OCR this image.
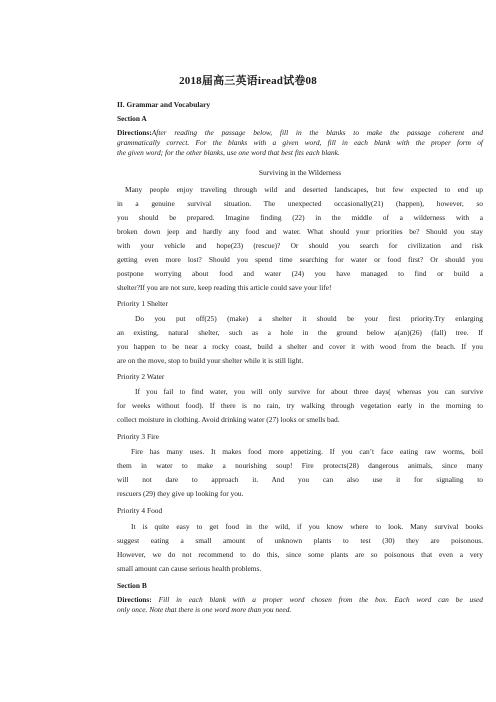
2018届高三英语iread试卷08
II. Grammar and Vocabulary
Section A
Directions:After reading the passage below, fill in the blanks to make the passage coherent and
grammatically correct. For the blanks with a given word, fill in each blank with the proper form of
the given word; for the other blanks, use one word that best fits each blank.
Surviving in the Wilderness
Many people enjoy traveling through wild and deserted landscapes, but few expected to end up
in a genuine survival situation. The unexpected occasionally(21) (happen), however, so
you should be prepared. Imagine finding (22) in the middle of a wilderness with a
broken down jeep and hardly any food and water. What should your priorities be? Should you stay
with your vehicle and hope(23) (rescue)? Or should you search for civilization and risk
getting even more lost? Should you spend time searching for water or food first? Or should you
postpone worrying about food and water (24) you have managed to find or build a
shelter?If you are not sure, keep reading this article could save your life!
Priority 1 Shelter
Do you put off(25) (make) a shelter it should be your first priority.Try enlarging
an existing, natural shelter, such as a hole in the ground below a(an)(26) (fall) tree. If
you happen to be near a rocky coast, build a shelter and cover it with wood from the beach. If you
are on the move, stop to build your shelter while it is still light.
Priority 2 Water
If you fail to find water, you will only survive for about three days( whereas you can survive
for weeks without food). If there is no rain, try walking through vegetation early in the morning to
collect moisture in clothing. Avoid drinking water (27) looks or smells bad.
Priority 3 Fire
Fire has many uses. It makes food more appetizing. If you can’t face eating raw worms, boil
them in water to make a nourishing soup! Fire protects(28) dangerous animals, since many
will not dare to approach it. And you can also use it for signaling to
rescuers (29) they give up looking for you.
Priority 4 Food
It is quite easy to get food in the wild, if you know where to look. Many survival books
suggest eating a small amount of unknown plants to test (30) they are poisonous.
However, we do not recommend to do this, since some plants are so poisonous that even a very
small amount can cause serious health problems.
Section B
Directions: Fill in each blank with a proper word chosen from the box. Each word can be used
only once. Note that there is one word more than you need.
